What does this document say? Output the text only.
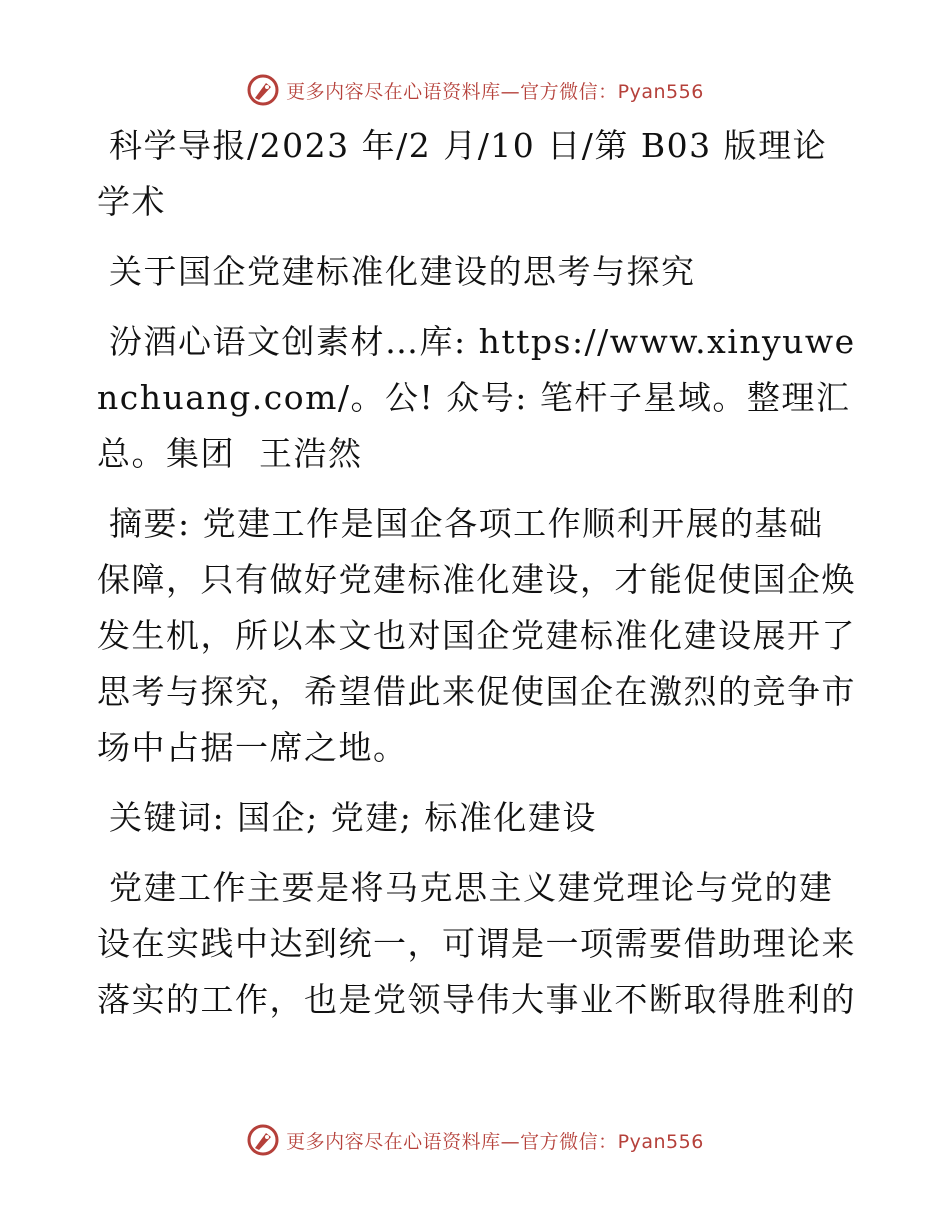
更多内容尽在心语资料库—官方微信：Pyan556

科学导报/2023 年/2 月/10 日/第 B03 版理论学术

关于国企党建标准化建设的思考与探究

汾酒心语文创素材…库: https://www.xinyuwenchuang.com/。公! 众号: 笔杆子星域。整理汇总。集团  王浩然

摘要: 党建工作是国企各项工作顺利开展的基础保障，只有做好党建标准化建设，才能促使国企焕发生机，所以本文也对国企党建标准化建设展开了思考与探究，希望借此来促使国企在激烈的竞争市场中占据一席之地。

关键词: 国企; 党建; 标准化建设

党建工作主要是将马克思主义建党理论与党的建设在实践中达到统一，可谓是一项需要借助理论来落实的工作，也是党领导伟大事业不断取得胜利的

更多内容尽在心语资料库—官方微信：Pyan556
